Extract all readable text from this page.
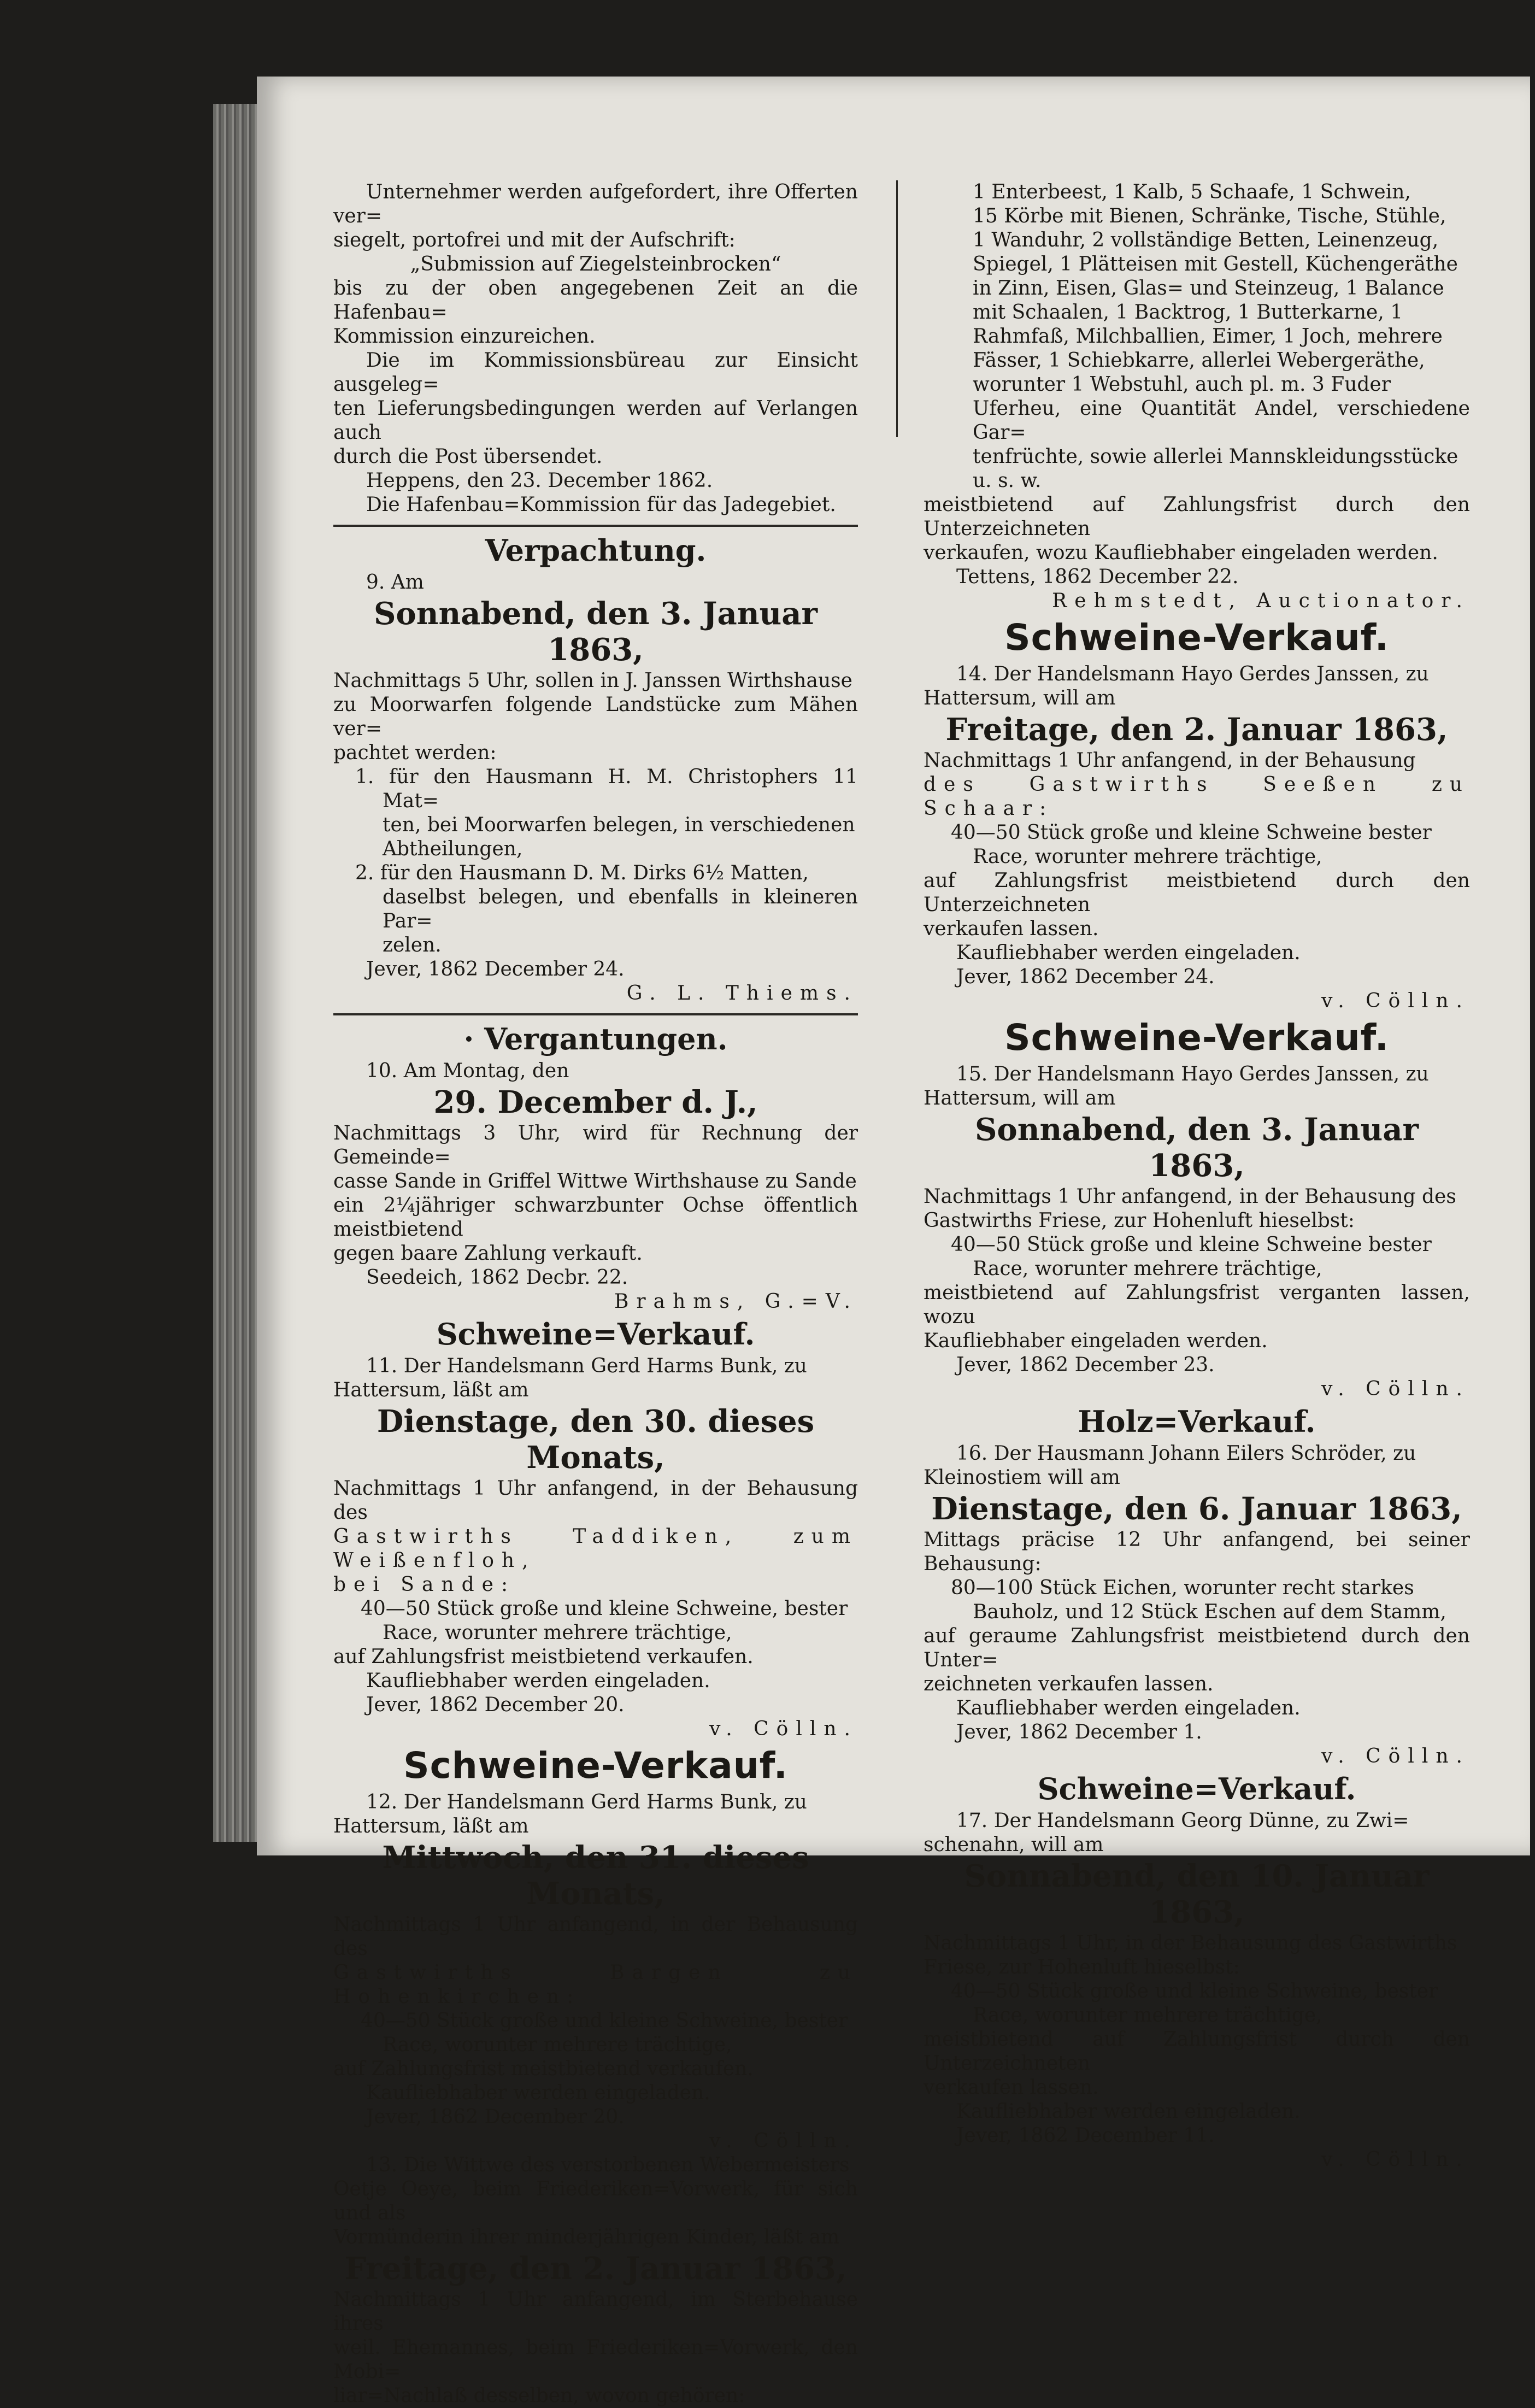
Unternehmer werden aufgefordert, ihre Offerten ver=

siegelt, portofrei und mit der Aufschrift:

„Submission auf Ziegelsteinbrocken“

bis zu der oben angegebenen Zeit an die Hafenbau=

Kommission einzureichen.

Die im Kommissionsbüreau zur Einsicht ausgeleg=

ten Lieferungsbedingungen werden auf Verlangen auch

durch die Post übersendet.

Heppens, den 23. December 1862.

Die Hafenbau=Kommission für das Jadegebiet.

Verpachtung.

9. Am

Sonnabend, den 3. Januar 1863,

Nachmittags 5 Uhr, sollen in J. Janssen Wirthshause

zu Moorwarfen folgende Landstücke zum Mähen ver=

pachtet werden:

1. für den Hausmann H. M. Christophers 11 Mat=

ten, bei Moorwarfen belegen, in verschiedenen

Abtheilungen,

2. für den Hausmann D. M. Dirks 6½ Matten,

daselbst belegen, und ebenfalls in kleineren Par=

zelen.

Jever, 1862 December 24.

G. L. Thiems.

· Vergantungen.

10. Am Montag, den

29. December d. J.,

Nachmittags 3 Uhr, wird für Rechnung der Gemeinde=

casse Sande in Griffel Wittwe Wirthshause zu Sande

ein 2¼jähriger schwarzbunter Ochse öffentlich meistbietend

gegen baare Zahlung verkauft.

Seedeich, 1862 Decbr. 22.

Brahms, G.=V.

Schweine=Verkauf.

11. Der Handelsmann Gerd Harms Bunk, zu

Hattersum, läßt am

Dienstage, den 30. dieses Monats,

Nachmittags 1 Uhr anfangend, in der Behausung des

Gastwirths Taddiken, zum Weißenfloh,

bei Sande:

40—50 Stück große und kleine Schweine, bester

Race, worunter mehrere trächtige,

auf Zahlungsfrist meistbietend verkaufen.

Kaufliebhaber werden eingeladen.

Jever, 1862 December 20.

v. Cölln.

Schweine-Verkauf.

12. Der Handelsmann Gerd Harms Bunk, zu

Hattersum, läßt am

Mittwoch, den 31. dieses Monats,

Nachmittags 1 Uhr anfangend, in der Behausung des

Gastwirths Bargen zu Hohenkirchen:

40—50 Stück große und kleine Schweine, bester

Race, worunter mehrere trächtige,

auf Zahlungsfrist meistbietend verkaufen.

Kaufliebhaber werden eingeladen.

Jever, 1862 December 20.

v. Cölln.

13. Die Wittwe des verstorbenen Webermeisters

Oetje Oeye, beim Friederiken=Vorwerk, für sich und als

Vormünderin ihrer minderjährigen Kinder, läßt am

Freitage, den 2. Januar 1863,

Nachmittags 1 Uhr anfangend, im Sterbehause ihres

weil. Ehemannes, beim Friederiken=Vorwerk, den Mobi=

liar=Nachlaß desselben, wovon gehören:

1 Enterbeest, 1 Kalb, 5 Schaafe, 1 Schwein,

15 Körbe mit Bienen, Schränke, Tische, Stühle,

1 Wanduhr, 2 vollständige Betten, Leinenzeug,

Spiegel, 1 Plätteisen mit Gestell, Küchengeräthe

in Zinn, Eisen, Glas= und Steinzeug, 1 Balance

mit Schaalen, 1 Backtrog, 1 Butterkarne, 1

Rahmfaß, Milchballien, Eimer, 1 Joch, mehrere

Fässer, 1 Schiebkarre, allerlei Webergeräthe,

worunter 1 Webstuhl, auch pl. m. 3 Fuder

Uferheu, eine Quantität Andel, verschiedene Gar=

tenfrüchte, sowie allerlei Mannskleidungsstücke

u. s. w.

meistbietend auf Zahlungsfrist durch den Unterzeichneten

verkaufen, wozu Kaufliebhaber eingeladen werden.

Tettens, 1862 December 22.

Rehmstedt, Auctionator.

Schweine-Verkauf.

14. Der Handelsmann Hayo Gerdes Janssen, zu

Hattersum, will am

Freitage, den 2. Januar 1863,

Nachmittags 1 Uhr anfangend, in der Behausung

des Gastwirths Seeßen zu Schaar:

40—50 Stück große und kleine Schweine bester

Race, worunter mehrere trächtige,

auf Zahlungsfrist meistbietend durch den Unterzeichneten

verkaufen lassen.

Kaufliebhaber werden eingeladen.

Jever, 1862 December 24.

v. Cölln.

Schweine-Verkauf.

15. Der Handelsmann Hayo Gerdes Janssen, zu

Hattersum, will am

Sonnabend, den 3. Januar 1863,

Nachmittags 1 Uhr anfangend, in der Behausung des

Gastwirths Friese, zur Hohenluft hieselbst:

40—50 Stück große und kleine Schweine bester

Race, worunter mehrere trächtige,

meistbietend auf Zahlungsfrist verganten lassen, wozu

Kaufliebhaber eingeladen werden.

Jever, 1862 December 23.

v. Cölln.

Holz=Verkauf.

16. Der Hausmann Johann Eilers Schröder, zu

Kleinostiem will am

Dienstage, den 6. Januar 1863,

Mittags präcise 12 Uhr anfangend, bei seiner Behausung:

80—100 Stück Eichen, worunter recht starkes

Bauholz, und 12 Stück Eschen auf dem Stamm,

auf geraume Zahlungsfrist meistbietend durch den Unter=

zeichneten verkaufen lassen.

Kaufliebhaber werden eingeladen.

Jever, 1862 December 1.

v. Cölln.

Schweine=Verkauf.

17. Der Handelsmann Georg Dünne, zu Zwi=

schenahn, will am

Sonnabend, den 10. Januar 1863,

Nachmittags 1 Uhr, in der Behausung des Gastwirths

Friese, zur Hohenluft hieselbst:

40—50 Stück große und kleine Schweine, bester

Race, worunter mehrere trächtige,

meistbietend auf Zahlungsfrist durch den Unterzeichneten

verkaufen lassen.

Kaufliebhaber werden eingeladen.

Jever, 1862 December 11.

v. Cölln.
